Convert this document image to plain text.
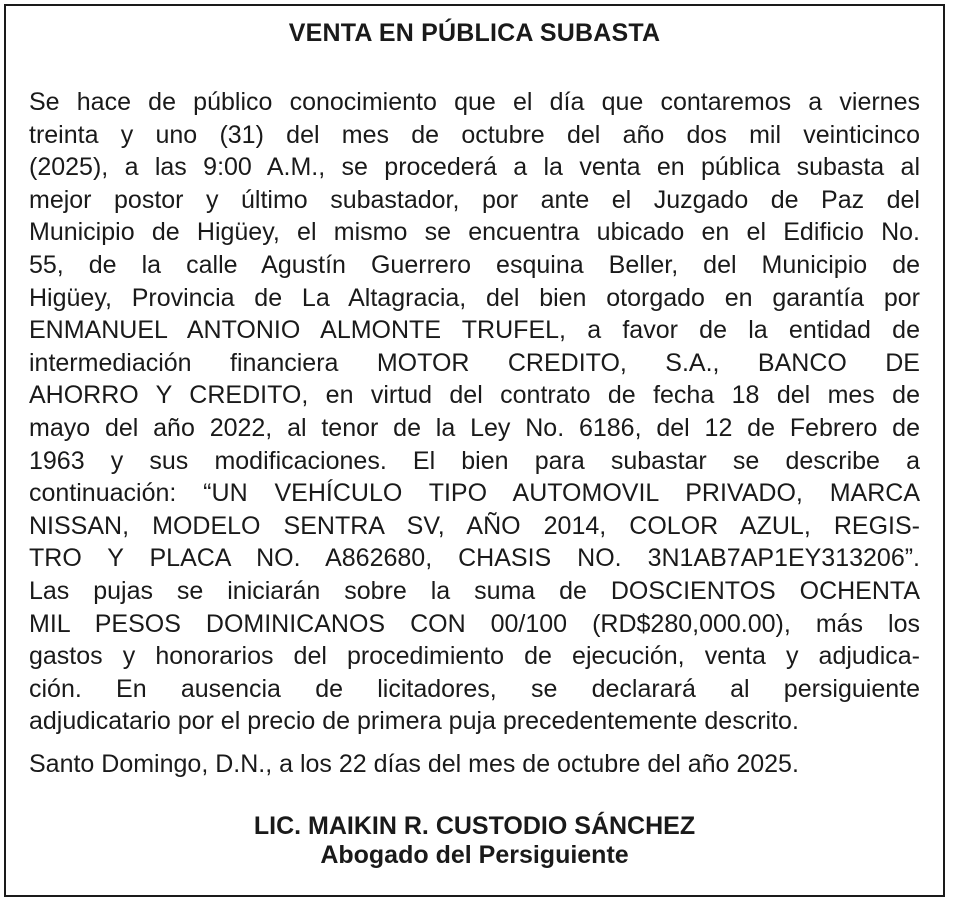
VENTA EN PÚBLICA SUBASTA
Se hace de público conocimiento que el día que contaremos a viernes
treinta y uno (31) del mes de octubre del año dos mil veinticinco
(2025), a las 9:00 A.M., se procederá a la venta en pública subasta al
mejor postor y último subastador, por ante el Juzgado de Paz del
Municipio de Higüey, el mismo se encuentra ubicado en el Edificio No.
55, de la calle Agustín Guerrero esquina Beller, del Municipio de
Higüey, Provincia de La Altagracia, del bien otorgado en garantía por
ENMANUEL ANTONIO ALMONTE TRUFEL, a favor de la entidad de
intermediación financiera MOTOR CREDITO, S.A., BANCO DE
AHORRO Y CREDITO, en virtud del contrato de fecha 18 del mes de
mayo del año 2022, al tenor de la Ley No. 6186, del 12 de Febrero de
1963 y sus modificaciones. El bien para subastar se describe a
continuación: “UN VEHÍCULO TIPO AUTOMOVIL PRIVADO, MARCA
NISSAN, MODELO SENTRA SV, AÑO 2014, COLOR AZUL, REGIS-
TRO Y PLACA NO. A862680, CHASIS NO. 3N1AB7AP1EY313206”.
Las pujas se iniciarán sobre la suma de DOSCIENTOS OCHENTA
MIL PESOS DOMINICANOS CON 00/100 (RD$280,000.00), más los
gastos y honorarios del procedimiento de ejecución, venta y adjudica-
ción. En ausencia de licitadores, se declarará al persiguiente
adjudicatario por el precio de primera puja precedentemente descrito.
Santo Domingo, D.N., a los 22 días del mes de octubre del año 2025.
LIC. MAIKIN R. CUSTODIO SÁNCHEZ
Abogado del Persiguiente
